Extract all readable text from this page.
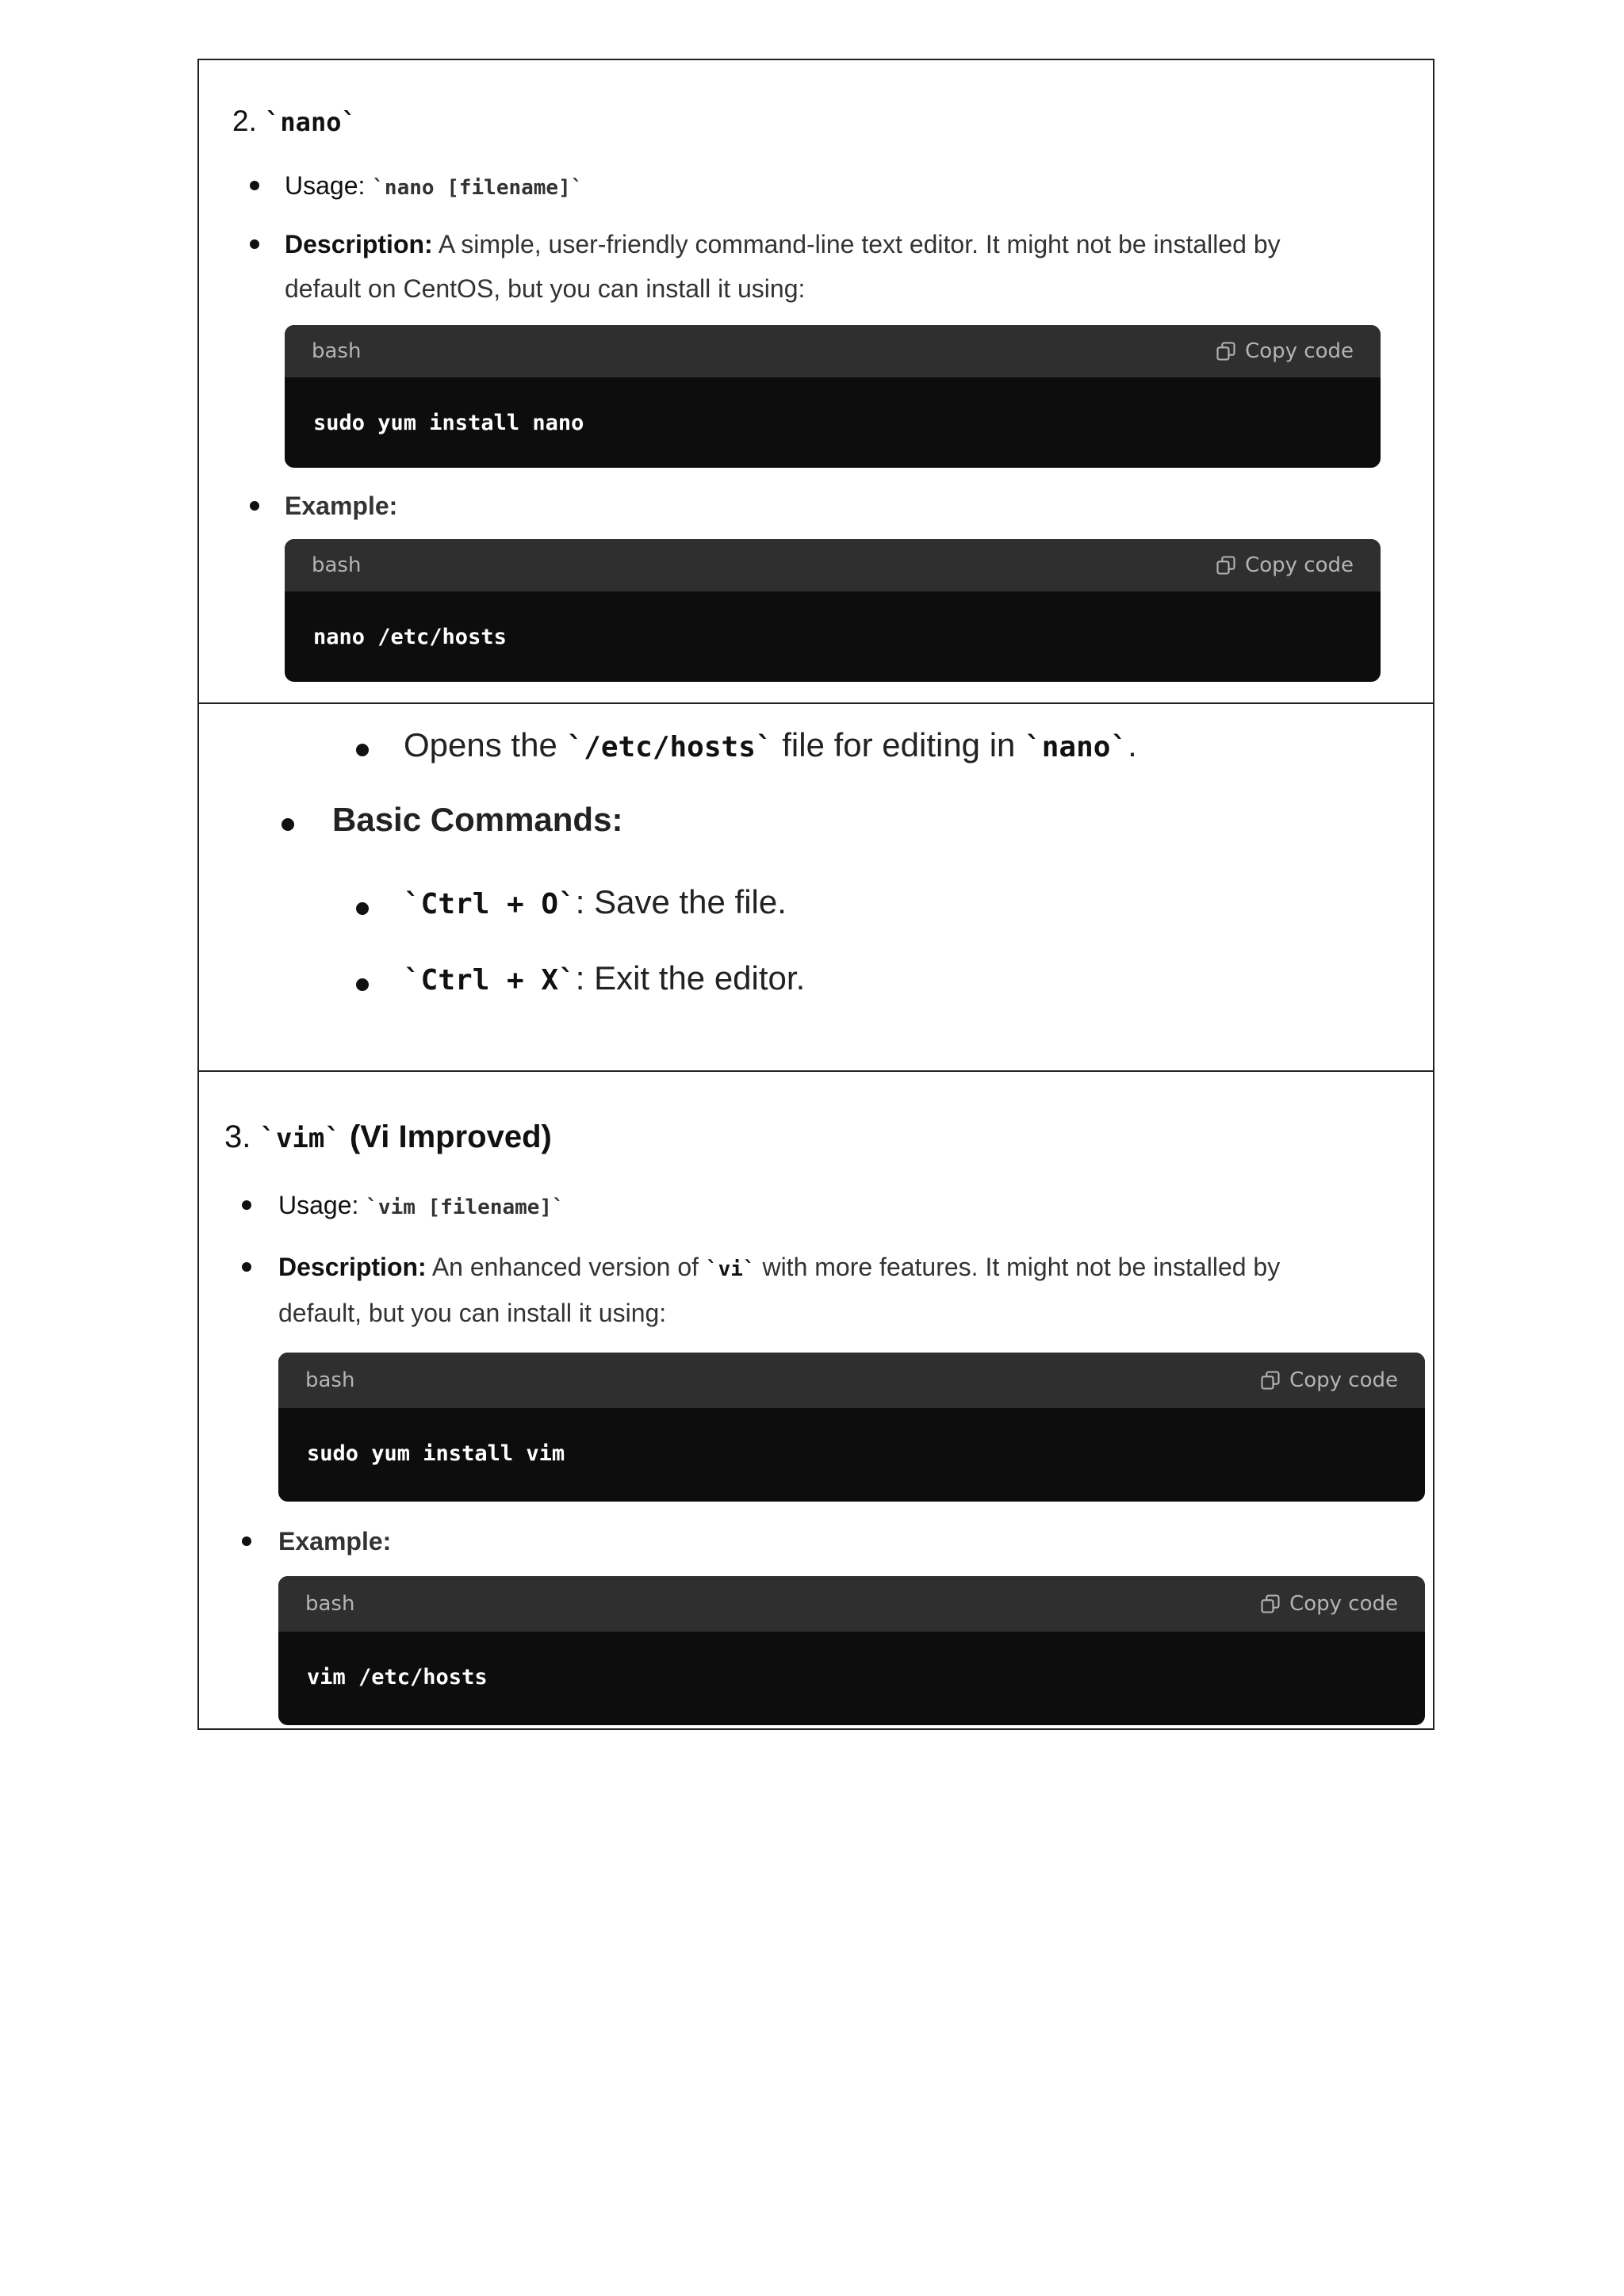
2. `nano`

Usage: `nano [filename]`

Description: A simple, user-friendly command-line text editor. It might not be installed by

default on CentOS, but you can install it using:

bash	Copy code
sudo yum install nano

Example:

bash	Copy code
nano /etc/hosts

Opens the `/etc/hosts` file for editing in `nano`.

Basic Commands:

`Ctrl + O`: Save the file.

`Ctrl + X`: Exit the editor.

3. `vim` (Vi Improved)

Usage: `vim [filename]`

Description: An enhanced version of `vi` with more features. It might not be installed by

default, but you can install it using:

bash	Copy code
sudo yum install vim

Example:

bash	Copy code
vim /etc/hosts
